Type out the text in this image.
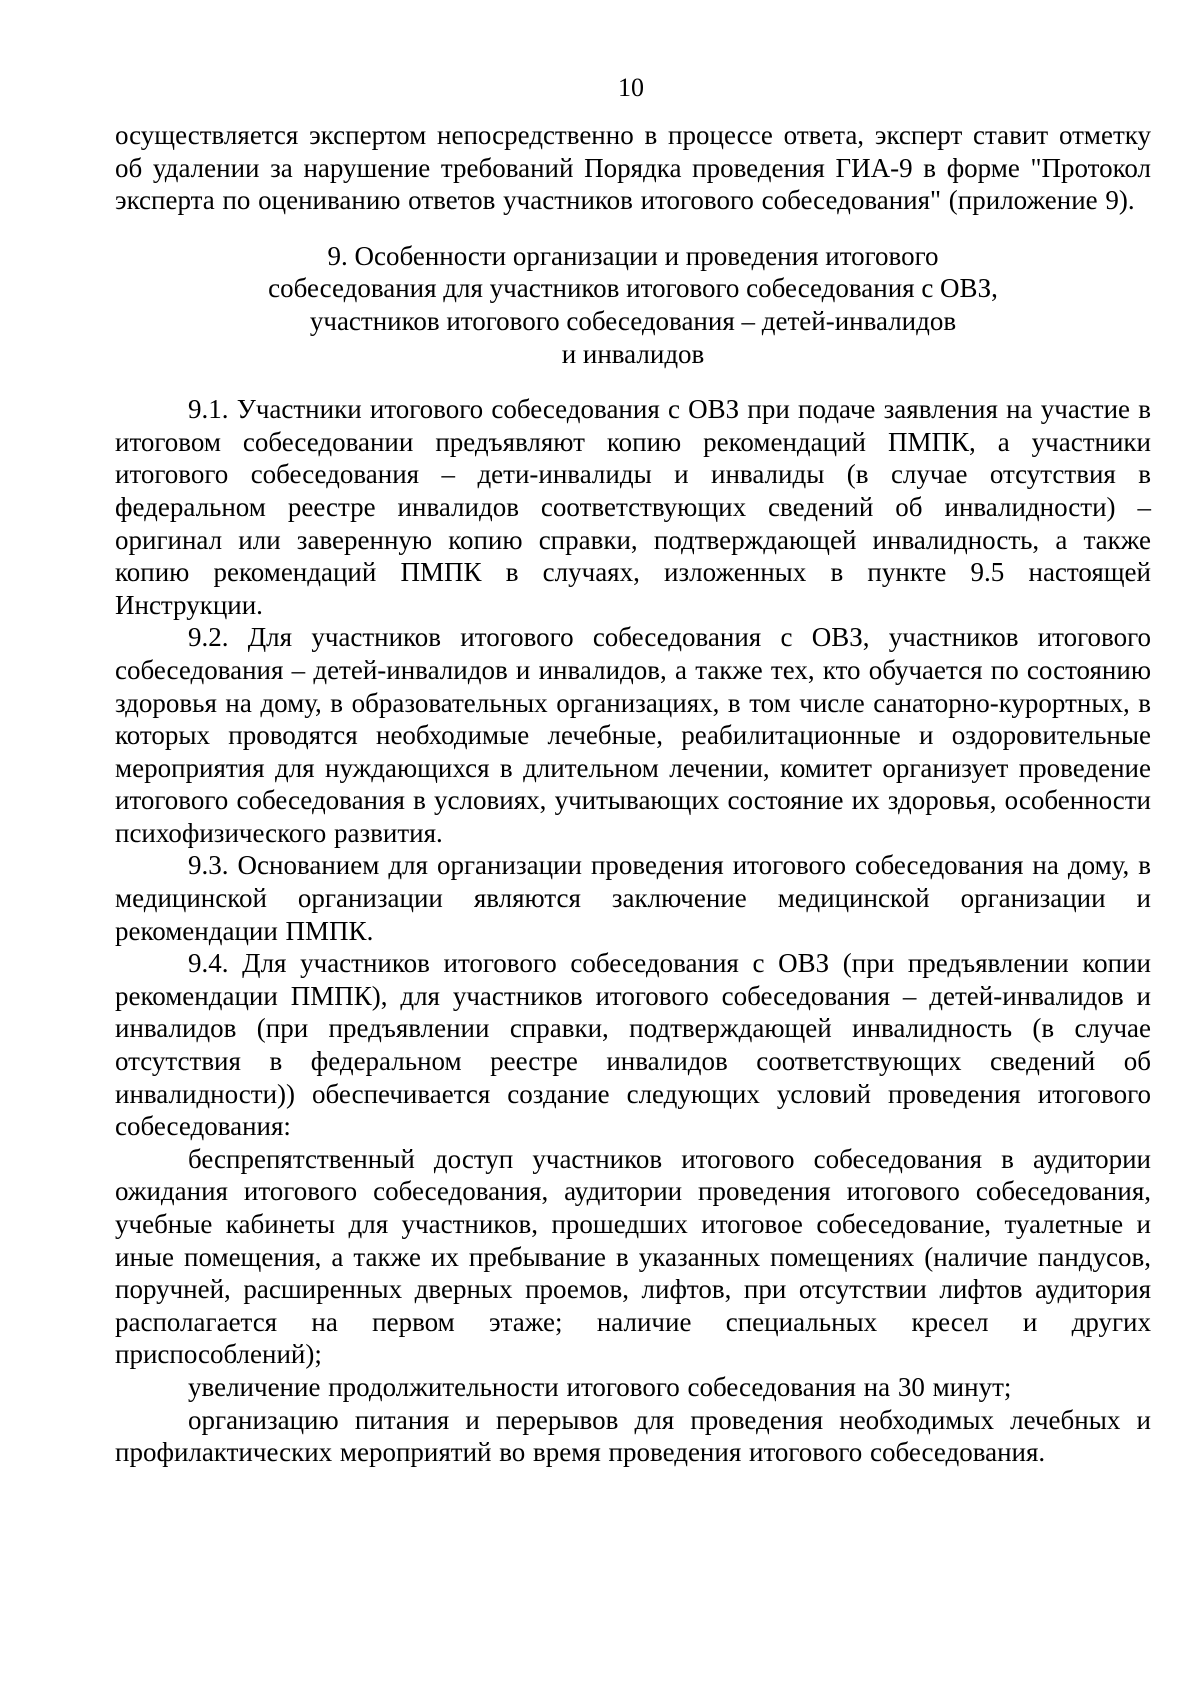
10

осуществляется экспертом непосредственно в процессе ответа, эксперт ставит отметку об удалении за нарушение требований Порядка проведения ГИА-9 в форме "Протокол эксперта по оцениванию ответов участников итогового собеседования" (приложение 9).

9. Особенности организации и проведения итогового
собеседования для участников итогового собеседования с ОВЗ,
участников итогового собеседования – детей-инвалидов
и инвалидов

9.1. Участники итогового собеседования с ОВЗ при подаче заявления на участие в итоговом собеседовании предъявляют копию рекомендаций ПМПК, а участники итогового собеседования – дети-инвалиды и инвалиды (в случае отсутствия в федеральном реестре инвалидов соответствующих сведений об инвалидности) – оригинал или заверенную копию справки, подтверждающей инвалидность, а также копию рекомендаций ПМПК в случаях, изложенных в пункте 9.5 настоящей Инструкции.

9.2. Для участников итогового собеседования с ОВЗ, участников итогового собеседования – детей-инвалидов и инвалидов, а также тех, кто обучается по состоянию здоровья на дому, в образовательных организациях, в том числе санаторно-курортных, в которых проводятся необходимые лечебные, реабилитационные и оздоровительные мероприятия для нуждающихся в длительном лечении, комитет организует проведение итогового собеседования в условиях, учитывающих состояние их здоровья, особенности психофизического развития.

9.3. Основанием для организации проведения итогового собеседования на дому, в медицинской организации являются заключение медицинской организации и рекомендации ПМПК.

9.4. Для участников итогового собеседования с ОВЗ (при предъявлении копии рекомендации ПМПК), для участников итогового собеседования – детей-инвалидов и инвалидов (при предъявлении справки, подтверждающей инвалидность (в случае отсутствия в федеральном реестре инвалидов соответствующих сведений об инвалидности)) обеспечивается создание следующих условий проведения итогового собеседования:

беспрепятственный доступ участников итогового собеседования в аудитории ожидания итогового собеседования, аудитории проведения итогового собеседования, учебные кабинеты для участников, прошедших итоговое собеседование, туалетные и иные помещения, а также их пребывание в указанных помещениях (наличие пандусов, поручней, расширенных дверных проемов, лифтов, при отсутствии лифтов аудитория располагается на первом этаже; наличие специальных кресел и других приспособлений);

увеличение продолжительности итогового собеседования на 30 минут;

организацию питания и перерывов для проведения необходимых лечебных и профилактических мероприятий во время проведения итогового собеседования.
